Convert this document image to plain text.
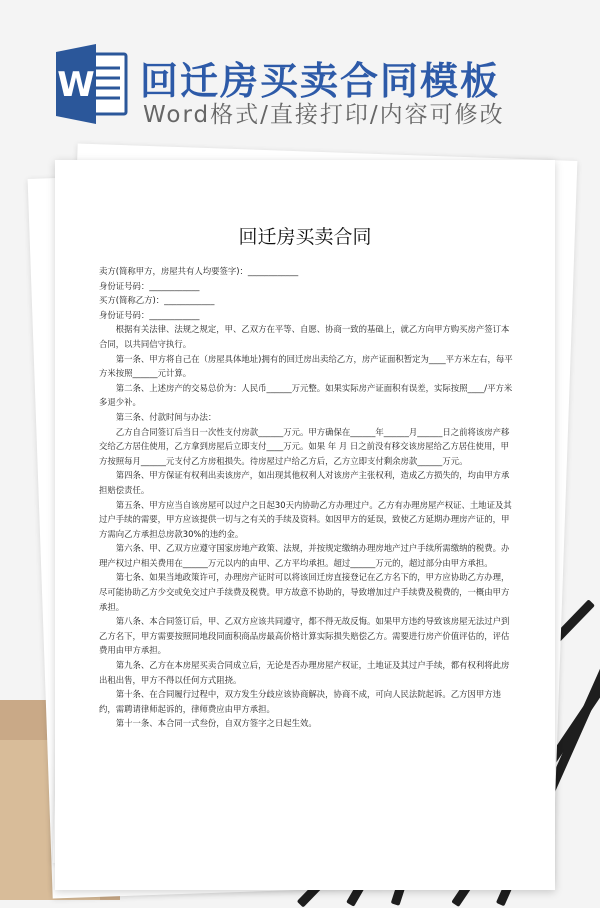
W 回迁房买卖合同模板
Word格式/直接打印/内容可修改
回迁房买卖合同

卖方(简称甲方，房屋共有人均要签字)：____________

身份证号码：____________

买方(简称乙方)：____________

身份证号码：____________

根据有关法律、法规之规定，甲、乙双方在平等、自愿、协商一致的基础上，就乙方向甲方购买房产签订本合同，以共同信守执行。

第一条、甲方将自己在（房屋具体地址)拥有的回迁房出卖给乙方，房产证面积暂定为____平方米左右，每平方米按照______元计算。

第二条、上述房产的交易总价为：人民币______万元整。如果实际房产证面积有误差，实际按照____/平方米多退少补。

第三条、付款时间与办法：

乙方自合同签订后当日一次性支付房款______万元。甲方确保在______年______月______日之前将该房产移交给乙方居住使用，乙方拿到房屋后立即支付____万元。如果 年 月 日之前没有移交该房屋给乙方居住使用，甲方按照每月______元支付乙方房租损失。待房屋过户给乙方后，乙方立即支付剩余房款______万元。

第四条、甲方保证有权利出卖该房产，如出现其他权利人对该房产主张权利，造成乙方损失的，均由甲方承担赔偿责任。

第五条、甲方应当自该房屋可以过户之日起30天内协助乙方办理过户。乙方有办理房屋产权证、土地证及其过户手续的需要，甲方应该提供一切与之有关的手续及资料。如因甲方的延误，致使乙方延期办理房产证的，甲方需向乙方承担总房款30%的违约金。

第六条、甲、乙双方应遵守国家房地产政策、法规，并按规定缴纳办理房地产过户手续所需缴纳的税费。办理产权过户相关费用在______万元以内的由甲、乙方平均承担。超过______万元的，超过部分由甲方承担。

第七条、如果当地政策许可，办理房产证时可以将该回迁房直接登记在乙方名下的，甲方应协助乙方办理，尽可能协助乙方少交或免交过户手续费及税费。甲方故意不协助的，导致增加过户手续费及税费的，一概由甲方承担。

第八条、本合同签订后，甲、乙双方应该共同遵守，都不得无故反悔。如果甲方违约导致该房屋无法过户到乙方名下，甲方需要按照同地段同面积商品房最高价格计算实际损失赔偿乙方。需要进行房产价值评估的，评估费用由甲方承担。

第九条、乙方在本房屋买卖合同成立后，无论是否办理房屋产权证，土地证及其过户手续，都有权利将此房出租出售，甲方不得以任何方式阻挠。

第十条、在合同履行过程中，双方发生分歧应该协商解决，协商不成，可向人民法院起诉。乙方因甲方违约，需聘请律师起诉的，律师费应由甲方承担。

第十一条、本合同一式叁份，自双方签字之日起生效。
